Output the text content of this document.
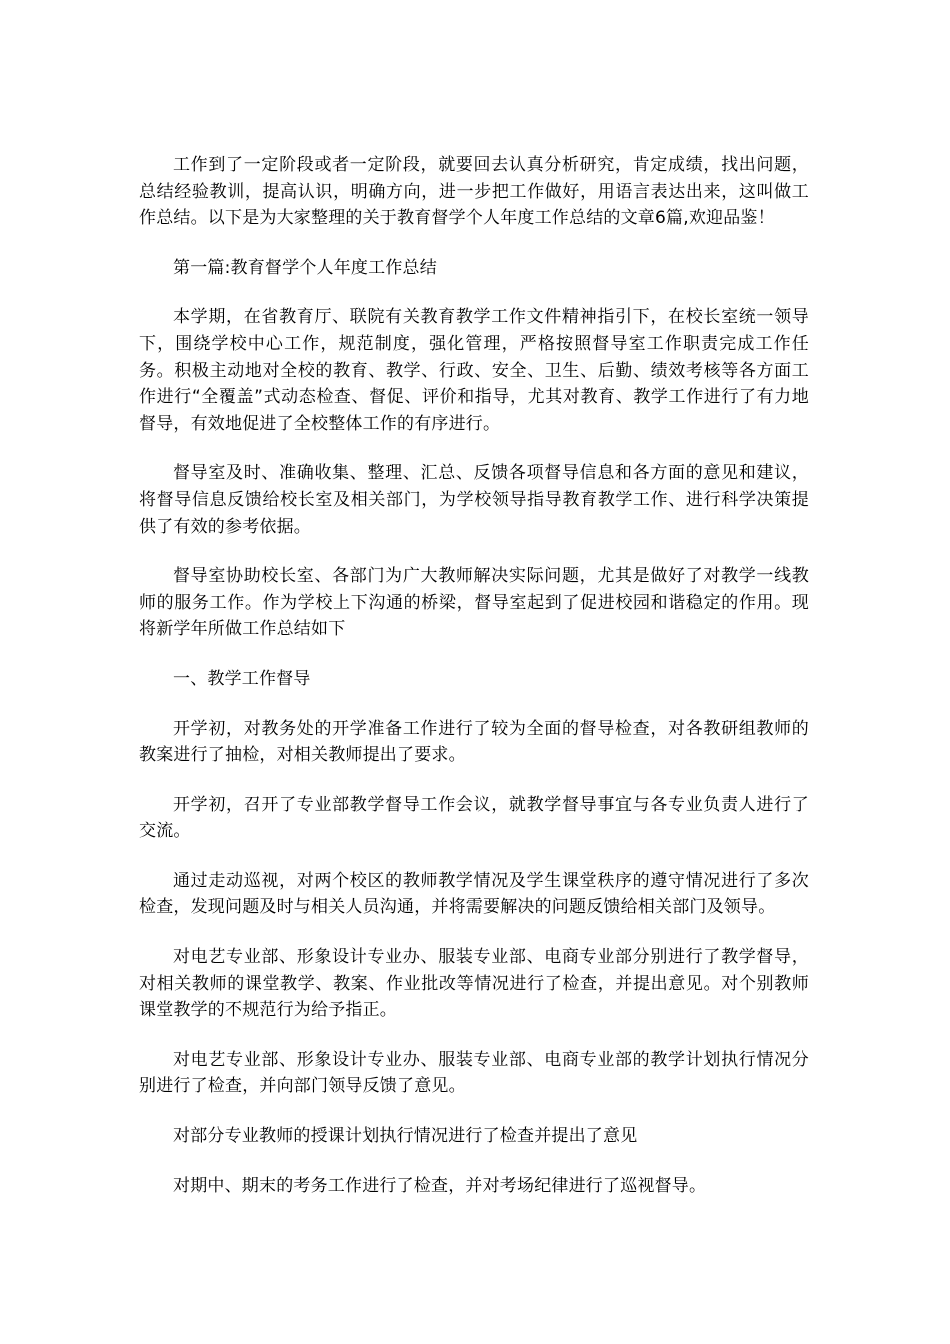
工作到了一定阶段或者一定阶段，就要回去认真分析研究，肯定成绩，找出问题，总结经验教训，提高认识，明确方向，进一步把工作做好，用语言表达出来，这叫做工作总结。以下是为大家整理的关于教育督学个人年度工作总结的文章6篇,欢迎品鉴！

第一篇:教育督学个人年度工作总结

本学期，在省教育厅、联院有关教育教学工作文件精神指引下，在校长室统一领导下，围绕学校中心工作，规范制度，强化管理，严格按照督导室工作职责完成工作任务。积极主动地对全校的教育、教学、行政、安全、卫生、后勤、绩效考核等各方面工作进行“全覆盖”式动态检查、督促、评价和指导，尤其对教育、教学工作进行了有力地督导，有效地促进了全校整体工作的有序进行。

督导室及时、准确收集、整理、汇总、反馈各项督导信息和各方面的意见和建议，将督导信息反馈给校长室及相关部门，为学校领导指导教育教学工作、进行科学决策提供了有效的参考依据。

督导室协助校长室、各部门为广大教师解决实际问题，尤其是做好了对教学一线教师的服务工作。作为学校上下沟通的桥梁，督导室起到了促进校园和谐稳定的作用。现将新学年所做工作总结如下

一、教学工作督导

开学初，对教务处的开学准备工作进行了较为全面的督导检查，对各教研组教师的教案进行了抽检，对相关教师提出了要求。

开学初，召开了专业部教学督导工作会议，就教学督导事宜与各专业负责人进行了交流。

通过走动巡视，对两个校区的教师教学情况及学生课堂秩序的遵守情况进行了多次检查，发现问题及时与相关人员沟通，并将需要解决的问题反馈给相关部门及领导。

对电艺专业部、形象设计专业办、服装专业部、电商专业部分别进行了教学督导，对相关教师的课堂教学、教案、作业批改等情况进行了检查，并提出意见。对个别教师课堂教学的不规范行为给予指正。

对电艺专业部、形象设计专业办、服装专业部、电商专业部的教学计划执行情况分别进行了检查，并向部门领导反馈了意见。

对部分专业教师的授课计划执行情况进行了检查并提出了意见

对期中、期末的考务工作进行了检查，并对考场纪律进行了巡视督导。
